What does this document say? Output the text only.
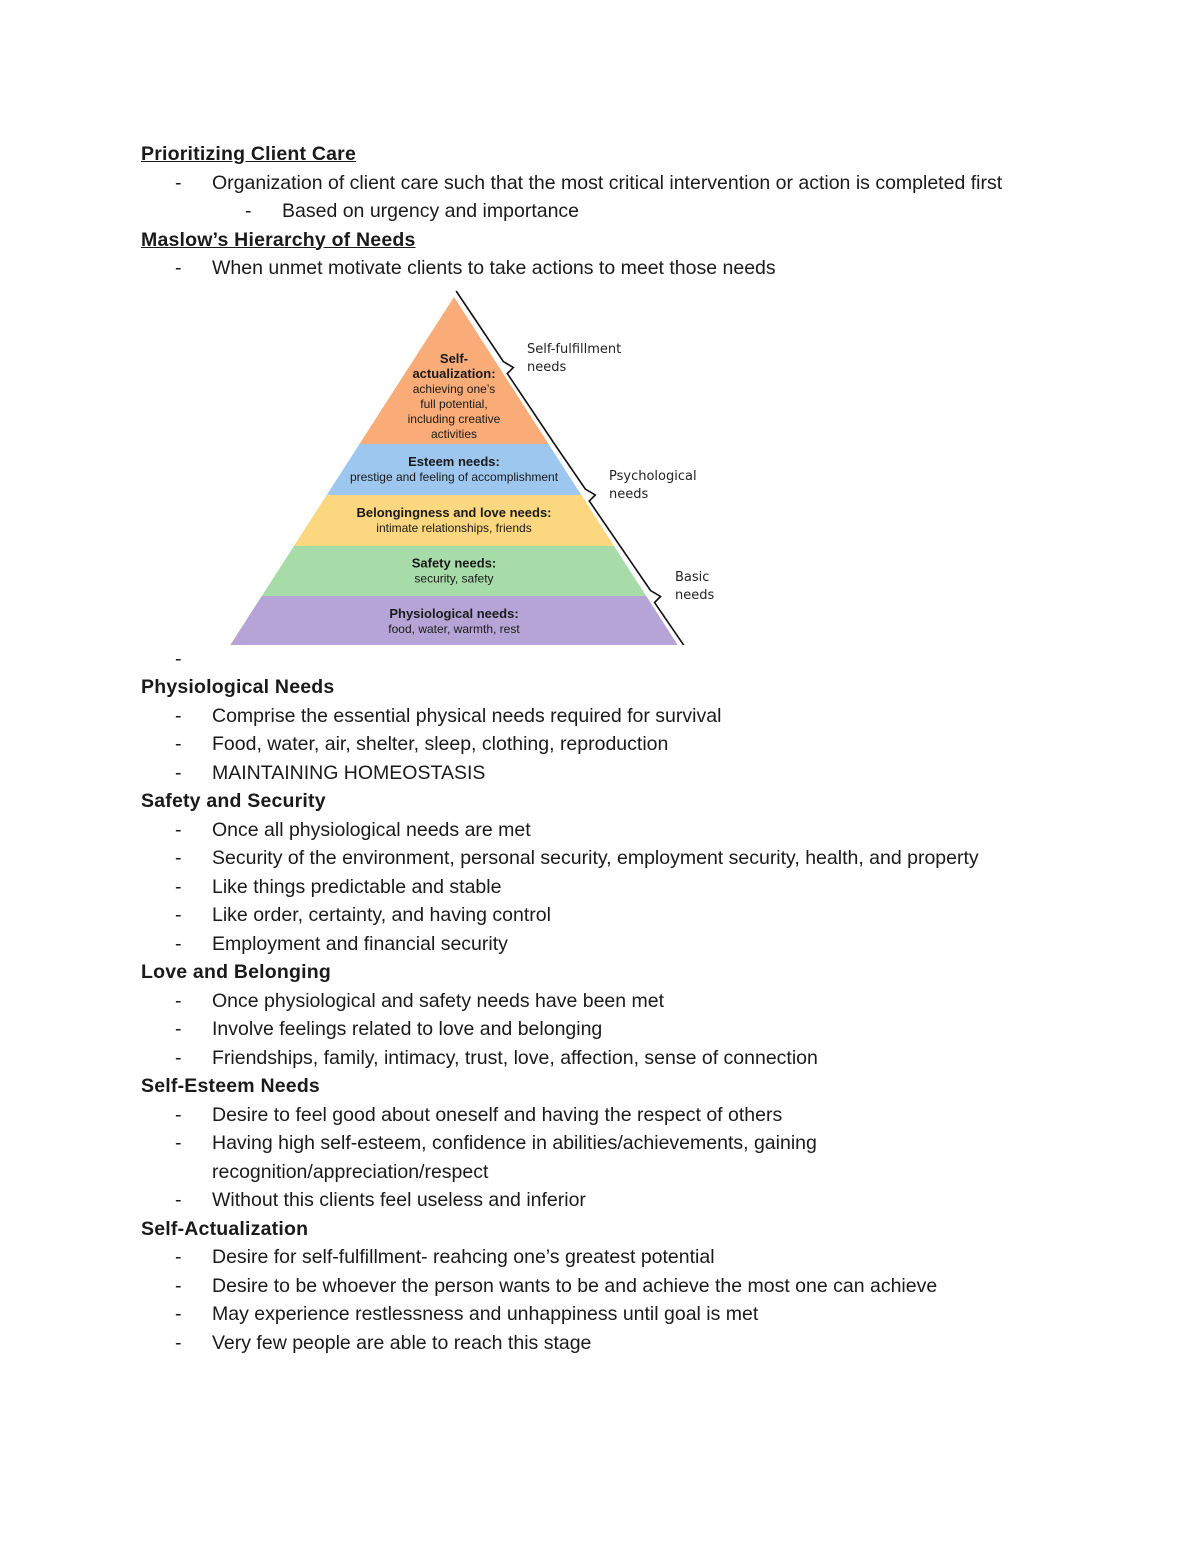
Prioritizing Client Care
- Organization of client care such that the most critical intervention or action is completed first
- Based on urgency and importance
Maslow’s Hierarchy of Needs
- When unmet motivate clients to take actions to meet those needs
Self-
actualization:
achieving one’s
full potential,
including creative
activities
Esteem needs:
prestige and feeling of accomplishment
Belongingness and love needs:
intimate relationships, friends
Safety needs:
security, safety
Physiological needs:
food, water, warmth, rest
Self-fulfillment
needs
Psychological
needs
Basic
needs
-
Physiological Needs
- Comprise the essential physical needs required for survival
- Food, water, air, shelter, sleep, clothing, reproduction
- MAINTAINING HOMEOSTASIS
Safety and Security
- Once all physiological needs are met
- Security of the environment, personal security, employment security, health, and property
- Like things predictable and stable
- Like order, certainty, and having control
- Employment and financial security
Love and Belonging
- Once physiological and safety needs have been met
- Involve feelings related to love and belonging
- Friendships, family, intimacy, trust, love, affection, sense of connection
Self-Esteem Needs
- Desire to feel good about oneself and having the respect of others
- Having high self-esteem, confidence in abilities/achievements, gaining recognition/appreciation/respect
- Without this clients feel useless and inferior
Self-Actualization
- Desire for self-fulfillment- reahcing one’s greatest potential
- Desire to be whoever the person wants to be and achieve the most one can achieve
- May experience restlessness and unhappiness until goal is met
- Very few people are able to reach this stage
